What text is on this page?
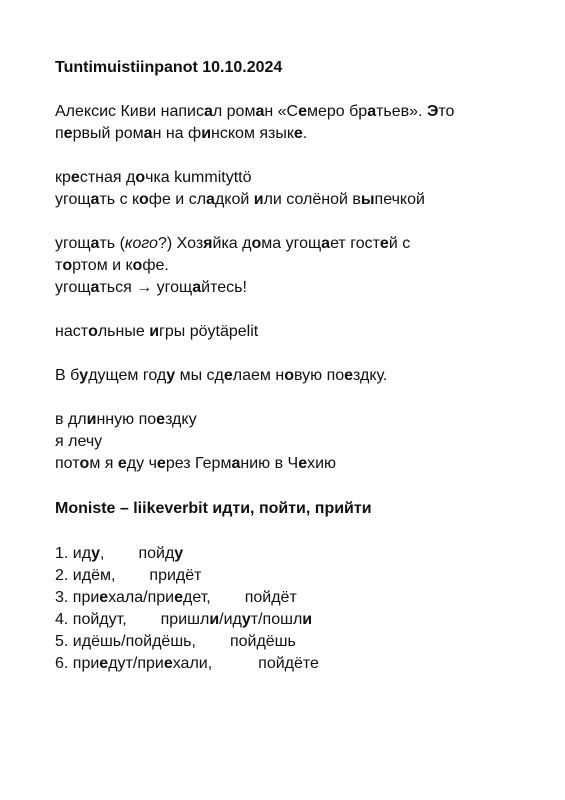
Tuntimuistiinpanot 10.10.2024
Алексис Киви написал роман «Семеро братьев». Это
первый роман на финском языке.
крестная дочка kummityttö
угощать с кофе и сладкой или солёной выпечкой
угощать (кого?) Хозяйка дома угощает гостей с
тортом и кофе.
угощаться → угощайтесь!
настольные игры pöytäpelit
В будущем году мы сделаем новую поездку.
в длинную поездку
я лечу
потом я еду через Германию в Чехию
Moniste – liikeverbit идти, пойти, прийти
1. иду, пойду
2. идём, придёт
3. приехала/приедет, пойдёт
4. пойдут, пришли/идут/пошли
5. идёшь/пойдёшь, пойдёшь
6. приедут/приехали,	пойдёте
